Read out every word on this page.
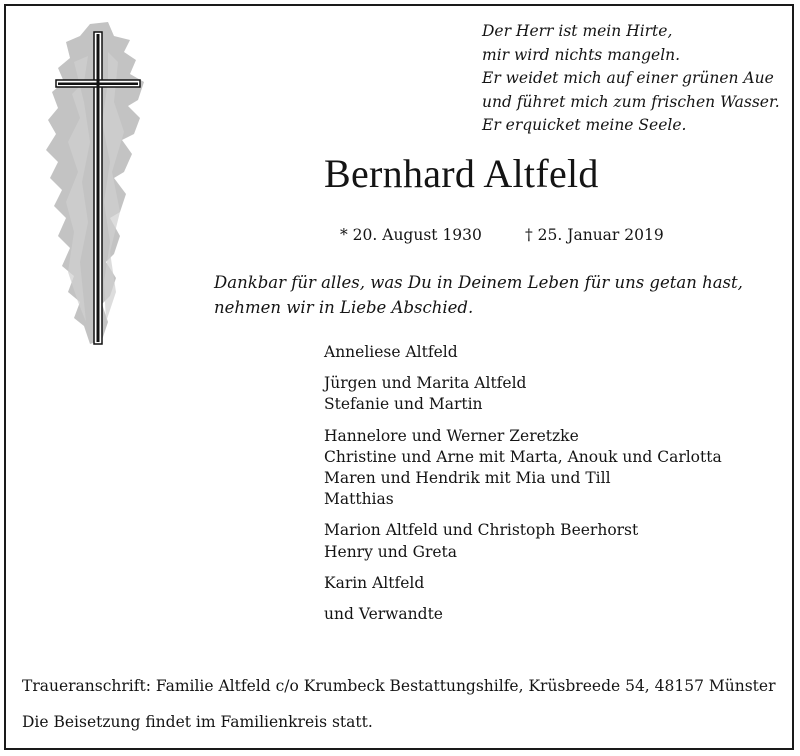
Der Herr ist mein Hirte,
mir wird nichts mangeln.
Er weidet mich auf einer grünen Aue
und führet mich zum frischen Wasser.
Er erquicket meine Seele.
Bernhard Altfeld
* 20. August 1930	† 25. Januar 2019
Dankbar für alles, was Du in Deinem Leben für uns getan hast,
nehmen wir in Liebe Abschied.
Anneliese Altfeld
Jürgen und Marita Altfeld
Stefanie und Martin
Hannelore und Werner Zeretzke
Christine und Arne mit Marta, Anouk und Carlotta
Maren und Hendrik mit Mia und Till
Matthias
Marion Altfeld und Christoph Beerhorst
Henry und Greta
Karin Altfeld
und Verwandte
Traueranschrift: Familie Altfeld c/o Krumbeck Bestattungshilfe, Krüsbreede 54, 48157 Münster
Die Beisetzung findet im Familienkreis statt.
